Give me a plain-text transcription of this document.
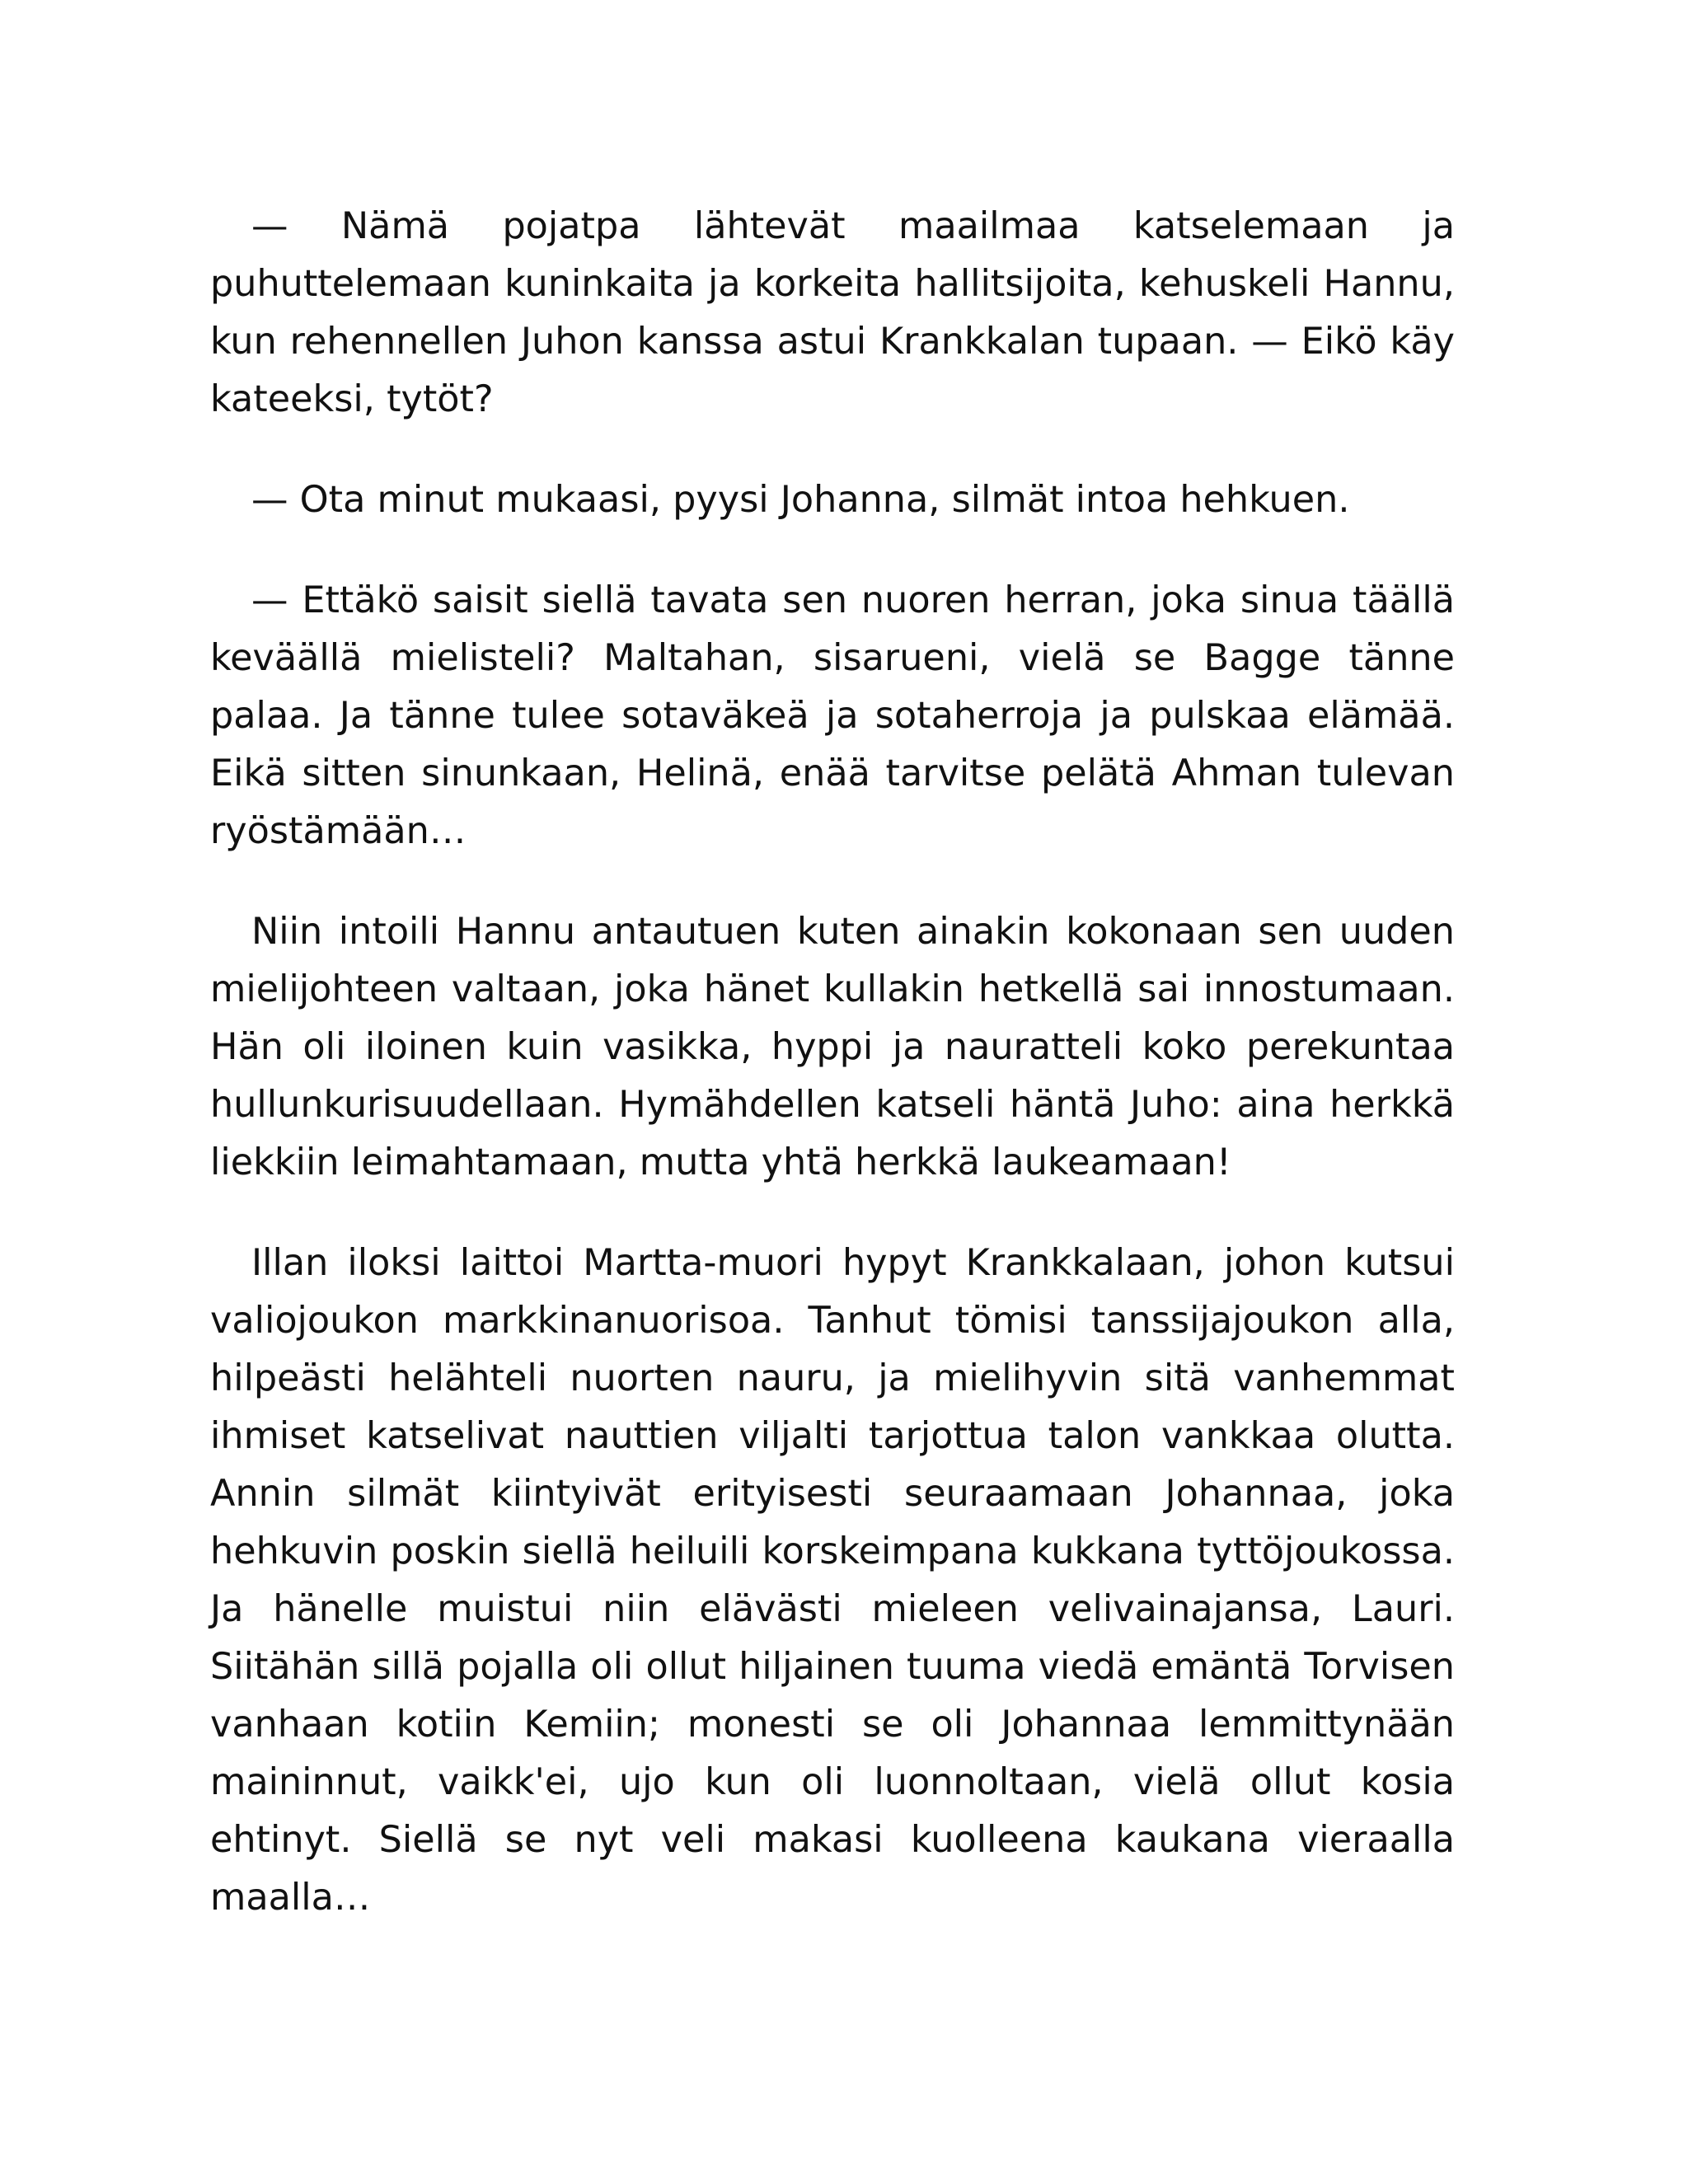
— Nämä pojatpa lähtevät maailmaa katselemaan ja puhuttelemaan kuninkaita ja korkeita hallitsijoita, kehuskeli Hannu, kun rehennellen Juhon kanssa astui Krankkalan tupaan. — Eikö käy kateeksi, tytöt?

— Ota minut mukaasi, pyysi Johanna, silmät intoa hehkuen.

— Ettäkö saisit siellä tavata sen nuoren herran, joka sinua täällä keväällä mielisteli? Maltahan, sisarueni, vielä se Bagge tänne palaa. Ja tänne tulee sotaväkeä ja sotaherroja ja pulskaa elämää. Eikä sitten sinunkaan, Helinä, enää tarvitse pelätä Ahman tulevan ryöstämään…

Niin intoili Hannu antautuen kuten ainakin kokonaan sen uuden mielijohteen valtaan, joka hänet kullakin hetkellä sai innostumaan. Hän oli iloinen kuin vasikka, hyppi ja nauratteli koko perekuntaa hullunkurisuudellaan. Hymähdellen katseli häntä Juho: aina herkkä liekkiin leimahtamaan, mutta yhtä herkkä laukeamaan!

Illan iloksi laittoi Martta-muori hypyt Krankkalaan, johon kutsui valiojoukon markkinanuorisoa. Tanhut tömisi tanssijajoukon alla, hilpeästi helähteli nuorten nauru, ja mielihyvin sitä vanhemmat ihmiset katselivat nauttien viljalti tarjottua talon vankkaa olutta. Annin silmät kiintyivät erityisesti seuraamaan Johannaa, joka hehkuvin poskin siellä heiluili korskeimpana kukkana tyttöjoukossa. Ja hänelle muistui niin elävästi mieleen velivainajansa, Lauri. Siitähän sillä pojalla oli ollut hiljainen tuuma viedä emäntä Torvisen vanhaan kotiin Kemiin; monesti se oli Johannaa lemmittynään maininnut, vaikk'ei, ujo kun oli luonnoltaan, vielä ollut kosia ehtinyt. Siellä se nyt veli makasi kuolleena kaukana vieraalla maalla…
